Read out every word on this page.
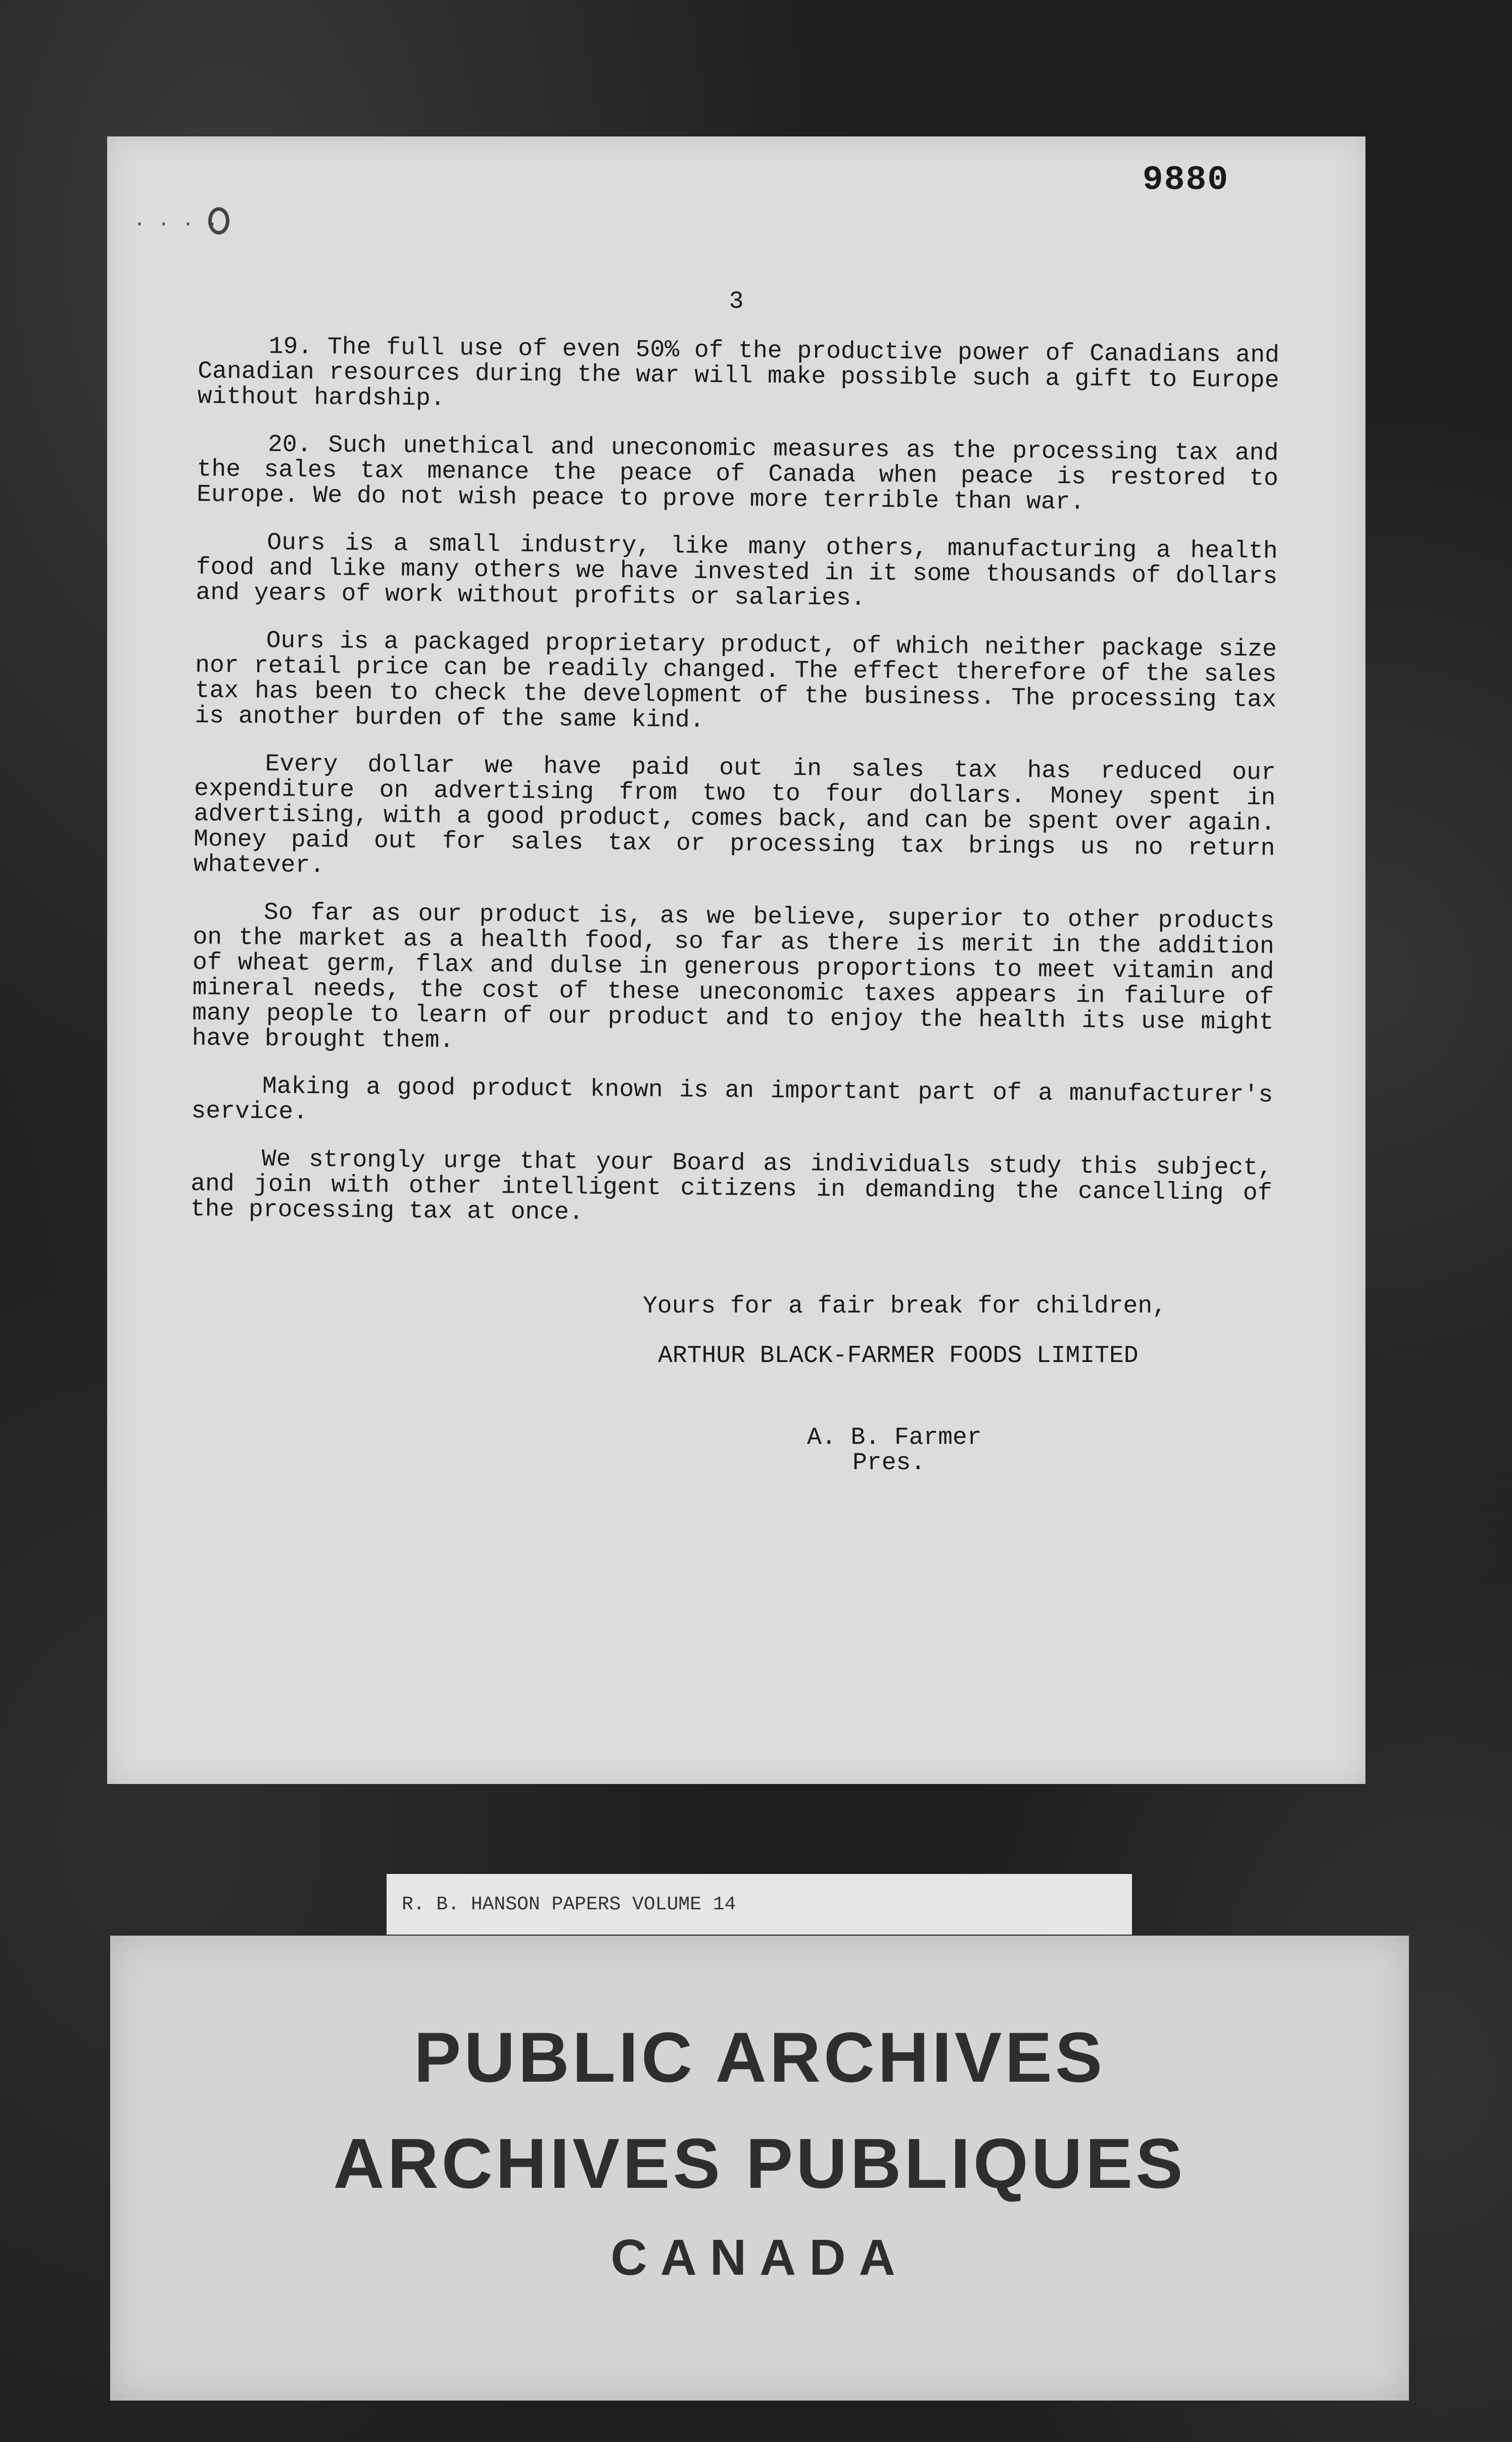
· · · ·
9880
3

19. The full use of even 50% of the productive power of Canadians and Canadian resources during the war will make possible such a gift to Europe without hardship.

20. Such unethical and uneconomic measures as the processing tax and the sales tax menance the peace of Canada when peace is restored to Europe. We do not wish peace to prove more terrible than war.

Ours is a small industry, like many others, manufacturing a health food and like many others we have invested in it some thousands of dollars and years of work without profits or salaries.

Ours is a packaged proprietary product, of which neither package size nor retail price can be readily changed. The effect therefore of the sales tax has been to check the development of the business. The processing tax is another burden of the same kind.

Every dollar we have paid out in sales tax has reduced our expenditure on advertising from two to four dollars. Money spent in advertising, with a good product, comes back, and can be spent over again. Money paid out for sales tax or processing tax brings us no return whatever.

So far as our product is, as we believe, superior to other products on the market as a health food, so far as there is merit in the addition of wheat germ, flax and dulse in generous proportions to meet vitamin and mineral needs, the cost of these uneconomic taxes appears in failure of many people to learn of our product and to enjoy the health its use might have brought them.

Making a good product known is an important part of a manufacturer's service.

We strongly urge that your Board as individuals study this subject, and join with other intelligent citizens in demanding the cancelling of the processing tax at once.

Yours for a fair break for children,
ARTHUR BLACK-FARMER FOODS LIMITED
A. B. Farmer
Pres.
R. B. HANSON PAPERS VOLUME 14
PUBLIC ARCHIVES
ARCHIVES PUBLIQUES
CANADA
